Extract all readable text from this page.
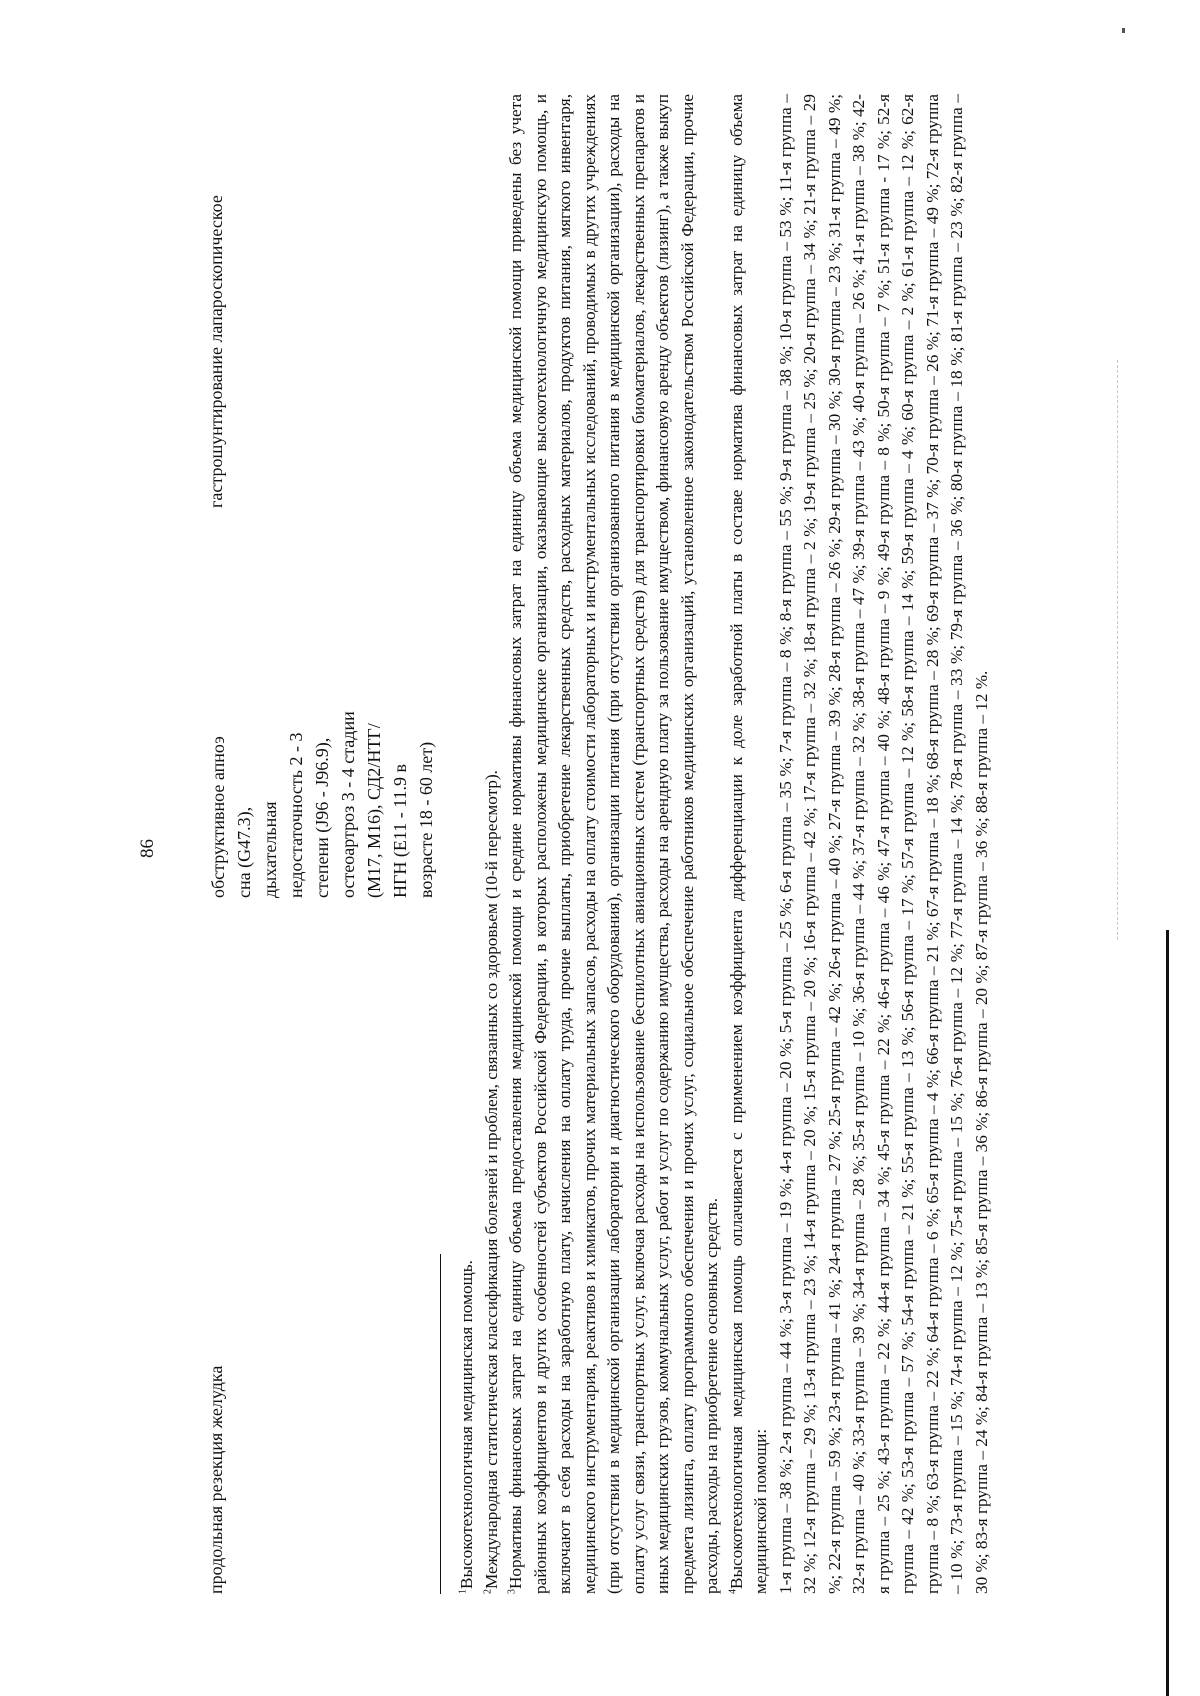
86
продольная резекция желудка
обструктивное апноэ сна (G47.3), дыхательная недостаточность 2 - 3 степени (J96 - J96.9), остеоартроз 3 - 4 стадии (M17, M16), СД2/НТГ/НГН (E11 - 11.9 в возрасте 18 - 60 лет)
гастрошунтирование лапароскопическое

$^1$Высокотехнологичная медицинская помощь.

$^2$Международная статистическая классификация болезней и проблем, связанных со здоровьем (10-й пересмотр).

$^3$Нормативы финансовых затрат на единицу объема предоставления медицинской помощи и средние нормативы финансовых затрат на единицу объема медицинской помощи приведены без учета районных коэффициентов и других особенностей субъектов Российской Федерации, в которых расположены медицинские организации, оказывающие высокотехнологичную медицинскую помощь, и включают в себя расходы на заработную плату, начисления на оплату труда, прочие выплаты, приобретение лекарственных средств, расходных материалов, продуктов питания, мягкого инвентаря, медицинского инструментария, реактивов и химикатов, прочих материальных запасов, расходы на оплату стоимости лабораторных и инструментальных исследований, проводимых в других учреждениях (при отсутствии в медицинской организации лаборатории и диагностического оборудования), организации питания (при отсутствии организованного питания в медицинской организации), расходы на оплату услуг связи, транспортных услуг, включая расходы на использование беспилотных авиационных систем (транспортных средств) для транспортировки биоматериалов, лекарственных препаратов и иных медицинских грузов, коммунальных услуг, работ и услуг по содержанию имущества, расходы на арендную плату за пользование имуществом, финансовую аренду объектов (лизинг), а также выкуп предмета лизинга, оплату программного обеспечения и прочих услуг, социальное обеспечение работников медицинских организаций, установленное законодательством Российской Федерации, прочие расходы, расходы на приобретение основных средств. $^4$Высокотехнологичная медицинская помощь оплачивается с применением коэффициента дифференциации к доле заработной платы в составе норматива финансовых затрат на единицу объема медицинской помощи: 1-я группа – 38 %; 2-я группа – 44 %; 3-я группа – 19 %; 4-я группа – 20 %; 5-я группа – 25 %; 6-я группа – 35 %; 7-я группа – 8 %; 8-я группа – 55 %; 9-я группа – 38 %; 10-я группа – 53 %; 11-я группа – 32 %; 12-я группа – 29 %; 13-я группа – 23 %; 14-я группа – 20 %; 15-я группа – 20 %; 16-я группа – 42 %; 17-я группа – 32 %; 18-я группа – 2 %; 19-я группа – 25 %; 20-я группа – 34 %; 21-я группа – 29 %; 22-я группа – 59 %; 23-я группа – 41 %; 24-я группа – 27 %; 25-я группа – 42 %; 26-я группа – 40 %; 27-я группа – 39 %; 28-я группа – 26 %; 29-я группа – 30 %; 30-я группа – 23 %; 31-я группа – 49 %; 32-я группа – 40 %; 33-я группа – 39 %; 34-я группа – 28 %; 35-я группа – 10 %; 36-я группа – 44 %; 37-я группа – 32 %; 38-я группа – 47 %; 39-я группа – 43 %; 40-я группа – 26 %; 41-я группа – 38 %; 42-я группа – 25 %; 43-я группа – 22 %; 44-я группа – 34 %; 45-я группа – 22 %; 46-я группа – 46 %; 47-я группа – 40 %; 48-я группа – 9 %; 49-я группа – 8 %; 50-я группа – 7 %; 51-я группа - 17 %; 52-я группа – 42 %; 53-я группа – 57 %; 54-я группа – 21 %; 55-я группа – 13 %; 56-я группа – 17 %; 57-я группа – 12 %; 58-я группа – 14 %; 59-я группа – 4 %; 60-я группа – 2 %; 61-я группа – 12 %; 62-я группа – 8 %; 63-я группа – 22 %; 64-я группа – 6 %; 65-я группа – 4 %; 66-я группа – 21 %; 67-я группа – 18 %; 68-я группа – 28 %; 69-я группа – 37 %; 70-я группа – 26 %; 71-я группа – 49 %; 72-я группа – 10 %; 73-я группа – 15 %; 74-я группа – 12 %; 75-я группа – 15 %; 76-я группа – 12 %; 77-я группа – 14 %; 78-я группа – 33 %; 79-я группа – 36 %; 80-я группа – 18 %; 81-я группа – 23 %; 82-я группа – 30 %; 83-я группа – 24 %; 84-я группа – 13 %; 85-я группа – 36 %; 86-я группа – 20 %; 87-я группа – 36 %; 88-я группа – 12 %.
